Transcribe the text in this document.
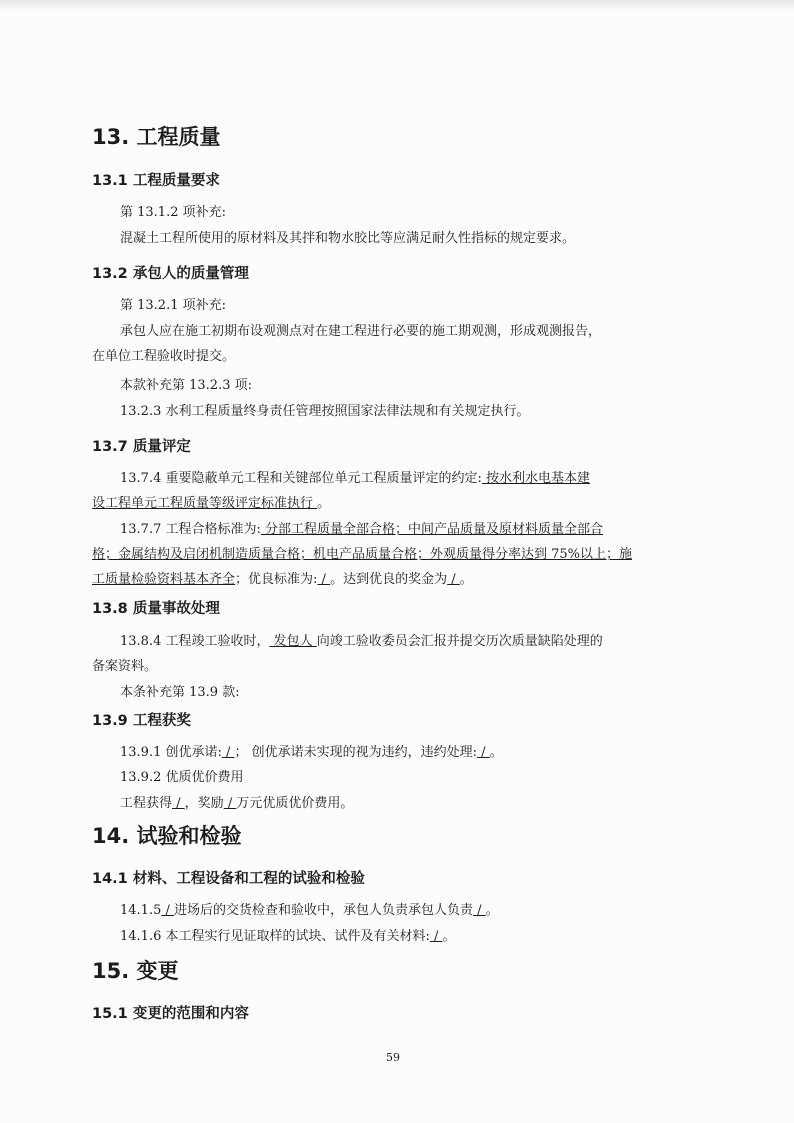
13. 工程质量
13.1 工程质量要求
第 13.1.2 项补充:
混凝土工程所使用的原材料及其拌和物水胶比等应满足耐久性指标的规定要求。
13.2 承包人的质量管理
第 13.2.1 项补充:
承包人应在施工初期布设观测点对在建工程进行必要的施工期观测，形成观测报告，
在单位工程验收时提交。
本款补充第 13.2.3 项:
13.2.3 水利工程质量终身责任管理按照国家法律法规和有关规定执行。
13.7 质量评定
13.7.4 重要隐蔽单元工程和关键部位单元工程质量评定的约定: 按水利水电基本建
设工程单元工程质量等级评定标准执行 。
13.7.7 工程合格标准为: 分部工程质量全部合格；中间产品质量及原材料质量全部合
格；金属结构及启闭机制造质量合格；机电产品质量合格；外观质量得分率达到 75%以上；施
工质量检验资料基本齐全；优良标准为: / 。达到优良的奖金为 / 。
13.8 质量事故处理
13.8.4 工程竣工验收时， 发包人 向竣工验收委员会汇报并提交历次质量缺陷处理的
备案资料。
本条补充第 13.9 款:
13.9 工程获奖
13.9.1 创优承诺: / ； 创优承诺未实现的视为违约，违约处理: / 。
13.9.2 优质优价费用
工程获得 / ，奖励 / 万元优质优价费用。
14. 试验和检验
14.1 材料、工程设备和工程的试验和检验
14.1.5 / 进场后的交货检查和验收中，承包人负责承包人负责 / 。
14.1.6 本工程实行见证取样的试块、试件及有关材料: / 。
15. 变更
15.1 变更的范围和内容
59
